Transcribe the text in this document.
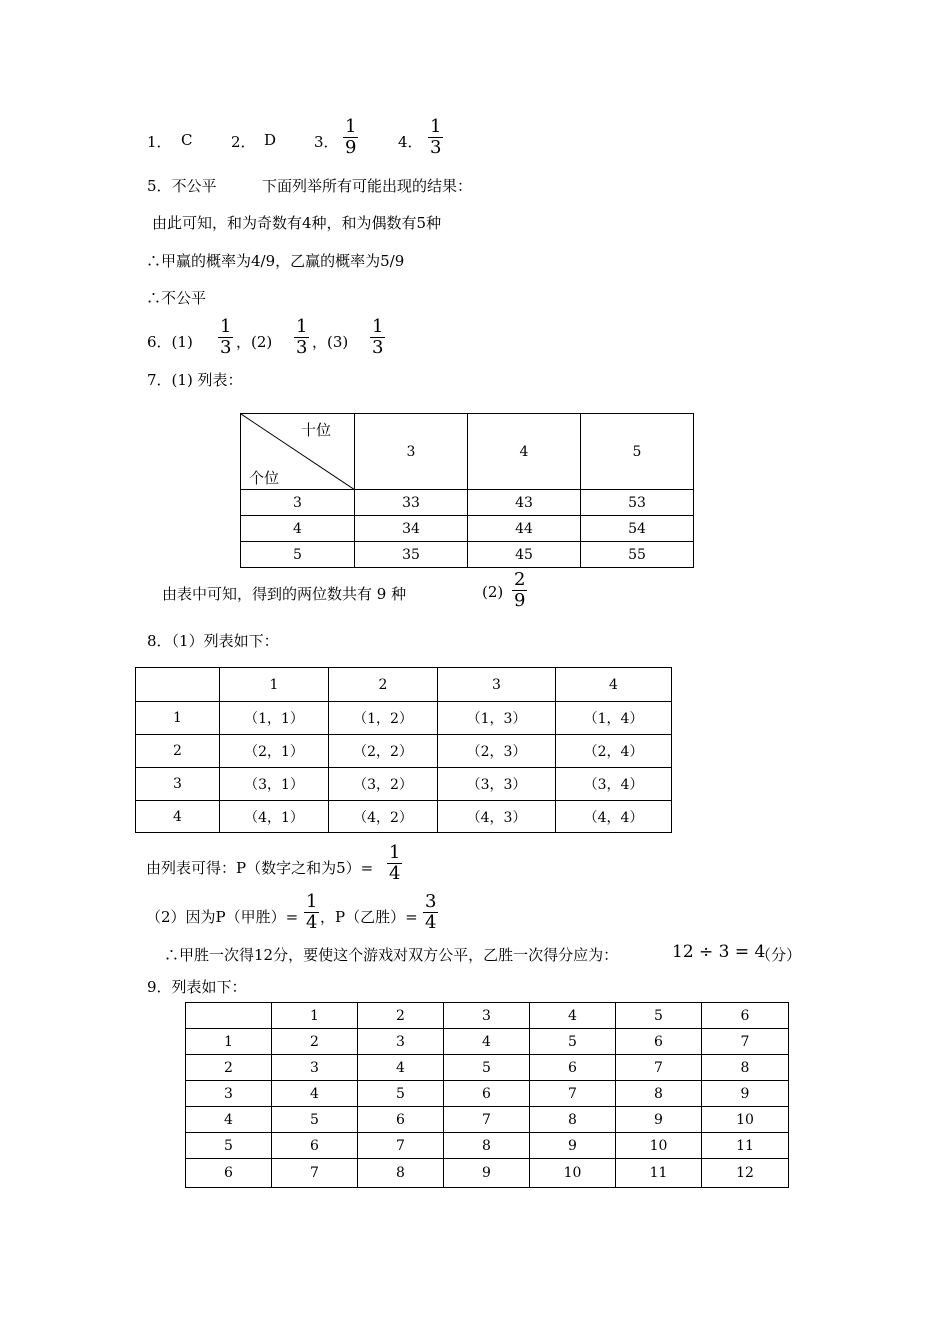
1． C	2． D	3．
1
9	4．
1
3
5．不公平	下面列举所有可能出现的结果：
由此可知，和为奇数有4种，和为偶数有5种
∴甲赢的概率为4/9，乙赢的概率为5/9
∴不公平
6．(1)
1
3 ，(2)
1
3 ，(3)
1
3
7．(1) 列表：
十位
个位	3	4	5
3	33	43	53
4	34	44	54
5	35	45	55
由表中可知，得到的两位数共有 9 种	(2)
2
9
8．（1）列表如下：
	1	2	3	4
1	（1，1）	（1，2）	（1，3）	（1，4）
2	（2，1）	（2，2）	（2，3）	（2，4）
3	（3，1）	（3，2）	（3，3）	（3，4）
4	（4，1）	（4，2）	（4，3）	（4，4）
由列表可得：P（数字之和为5）=
1
4
（2）因为P（甲胜）=
1
4 ，P（乙胜）=
3
4
∴甲胜一次得12分，要使这个游戏对双方公平，乙胜一次得分应为：	12 ÷ 3 = 4
（分）
9．列表如下：
	1	2	3	4	5	6
1	2	3	4	5	6	7
2	3	4	5	6	7	8
3	4	5	6	7	8	9
4	5	6	7	8	9	10
5	6	7	8	9	10	11
6	7	8	9	10	11	12
